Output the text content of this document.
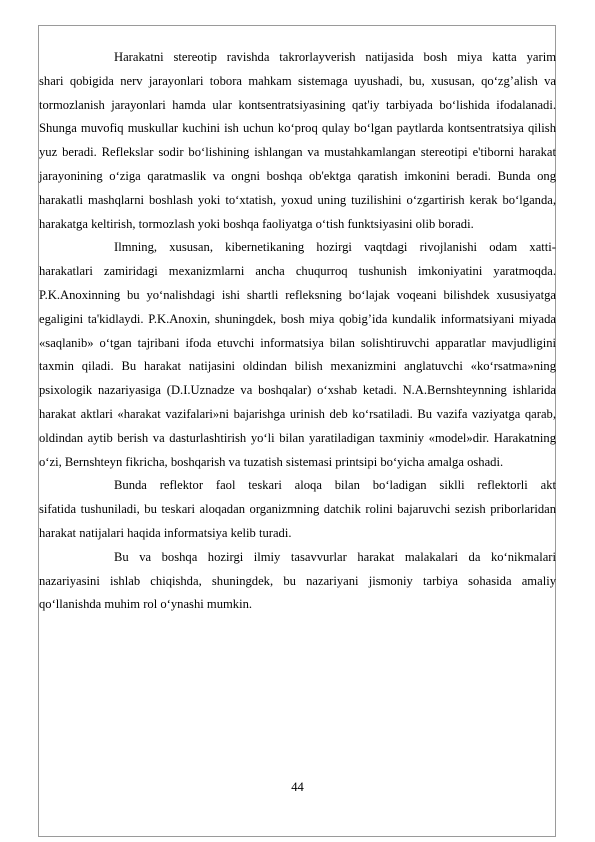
Harakatni stereotip ravishda takrorlayverish natijasida bosh miya katta yarim
shari qobigida nerv jarayonlari tobora mahkam sistemaga uyushadi, bu, xususan, qo‘zg’alish va tormozlanish jarayonlari hamda ular kontsentratsiyasining qat'iy tarbiyada bo‘lishida ifodalanadi. Shunga muvofiq muskullar kuchini ish uchun ko‘proq qulay bo‘lgan paytlarda kontsentratsiya qilish yuz beradi. Reflekslar sodir bo‘lishining ishlangan va mustahkamlangan stereotipi e'tiborni harakat jarayonining o‘ziga qaratmaslik va ongni boshqa ob'ektga qaratish imkonini beradi. Bunda ong harakatli mashqlarni boshlash yoki to‘xtatish, yoxud uning tuzilishini o‘zgartirish kerak bo‘lganda, harakatga keltirish, tormozlash yoki boshqa faoliyatga o‘tish funktsiyasini olib boradi.

Ilmning, xususan, kibernetikaning hozirgi vaqtdagi rivojlanishi odam xatti-
harakatlari zamiridagi mexanizmlarni ancha chuqurroq tushunish imkoniyatini yaratmoqda. P.K.Anoxinning bu yo‘nalishdagi ishi shartli refleksning bo‘lajak voqeani bilishdek xususiyatga egaligini ta'kidlaydi. P.K.Anoxin, shuningdek, bosh miya qobig’ida kundalik informatsiyani miyada «saqlanib» o‘tgan tajribani ifoda etuvchi informatsiya bilan solishtiruvchi apparatlar mavjudligini taxmin qiladi. Bu harakat natijasini oldindan bilish mexanizmini anglatuvchi «ko‘rsatma»ning psixologik nazariyasiga (D.I.Uznadze va boshqalar) o‘xshab ketadi. N.A.Bernshteynning ishlarida harakat aktlari «harakat vazifalari»ni bajarishga urinish deb ko‘rsatiladi. Bu vazifa vaziyatga qarab, oldindan aytib berish va dasturlashtirish yo‘li bilan yaratiladigan taxminiy «model»dir. Harakatning o‘zi, Bernshteyn fikricha, boshqarish va tuzatish sistemasi printsipi bo‘yicha amalga oshadi.

Bunda reflektor faol teskari aloqa bilan bo‘ladigan siklli reflektorli akt
sifatida tushuniladi, bu teskari aloqadan organizmning datchik rolini bajaruvchi sezish priborlaridan harakat natijalari haqida informatsiya kelib turadi.

Bu va boshqa hozirgi ilmiy tasavvurlar harakat malakalari da ko‘nikmalari
nazariyasini ishlab chiqishda, shuningdek, bu nazariyani jismoniy tarbiya sohasida amaliy qo‘llanishda muhim rol o‘ynashi mumkin.

44
